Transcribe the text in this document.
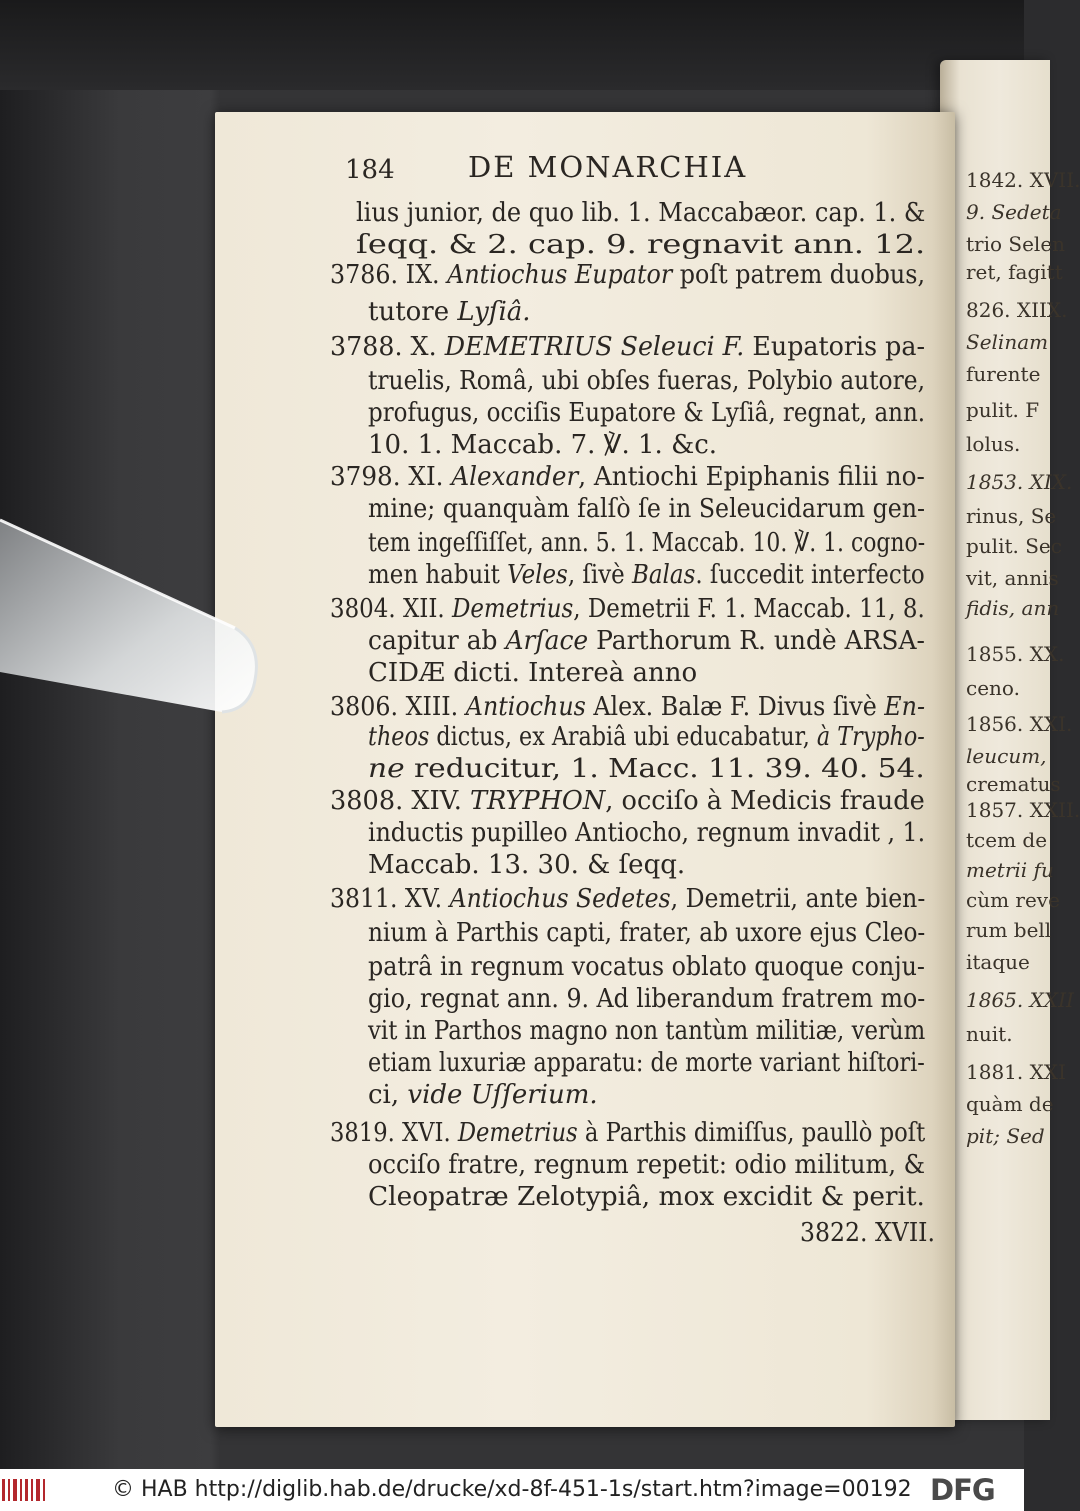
184	DE MONARCHIA
lius junior, de quo lib. 1. Maccabæor. cap. 1. &
ſeqq. & 2. cap. 9. regnavit ann. 12.
3786. IX. Antiochus Eupator poſt patrem duobus,
tutore Lyſiâ.
3788. X. DEMETRIUS Seleuci F. Eupatoris pa-
truelis, Româ, ubi obſes fueras, Polybio autore,
profugus, occiſis Eupatore & Lyſiâ, regnat, ann.
10. 1. Maccab. 7. ℣. 1. &c.
3798. XI. Alexander, Antiochi Epiphanis filii no-
mine; quanquàm falſò ſe in Seleucidarum gen-
tem ingeſſiſſet, ann. 5. 1. Maccab. 10. ℣. 1. cogno-
men habuit Veles, ſivè Balas. ſuccedit interfecto
3804. XII. Demetrius, Demetrii F. 1. Maccab. 11, 8.
capitur ab Arſace Parthorum R. undè ARSA-
CIDÆ dicti. Intereà anno
3806. XIII. Antiochus Alex. Balæ F. Divus ſivè En-
theos dictus, ex Arabiâ ubi educabatur, à Trypho-
ne reducitur, 1. Macc. 11. 39. 40. 54.
3808. XIV. TRYPHON, occiſo à Medicis fraude
inductis pupilleo Antiocho, regnum invadit , 1.
Maccab. 13. 30. & ſeqq.
3811. XV. Antiochus Sedetes, Demetrii, ante bien-
nium à Parthis capti, frater, ab uxore ejus Cleo-
patrâ in regnum vocatus oblato quoque conju-
gio, regnat ann. 9. Ad liberandum fratrem mo-
vit in Parthos magno non tantùm militiæ, verùm
etiam luxuriæ apparatu: de morte variant hiſtori-
ci, vide Uſſerium.
3819. XVI. Demetrius à Parthis dimiſſus, paullò poſt
occiſo fratre, regnum repetit: odio militum, &
Cleopatræ Zelotypiâ, mox excidit & perit.
3822. XVII.
1842. XVII.
9. Sedeta
trio Selen
ret, fagitt
826. XIIX.
Selinam
furente
pulit. F
lolus.
1853. XIX.
rinus, Se
pulit. Sec
vit, annis
fidis, ann
1855. XX.
ceno.
1856. XXI.
leucum,
crematus
1857. XXII.
tcem de
metrii fu
cùm reve
rum bell
itaque
1865. XXII
nuit.
1881. XXI
quàm de
pit; Sed
© HAB http://diglib.hab.de/drucke/xd-8f-451-1s/start.htm?image=00192 DFG
